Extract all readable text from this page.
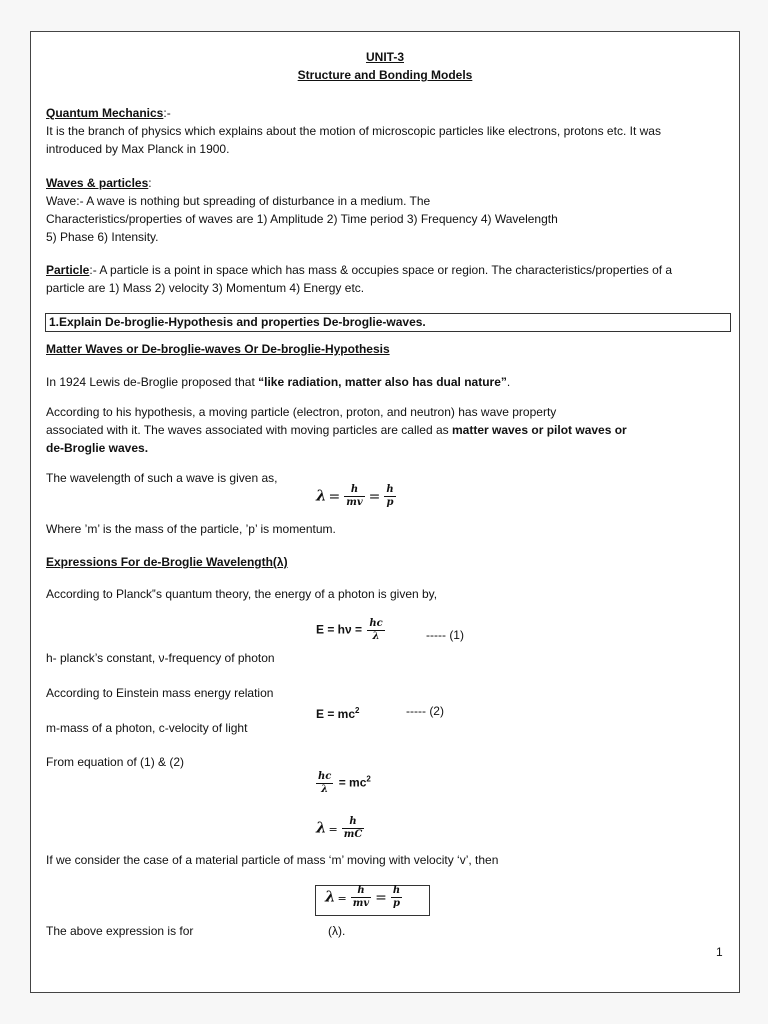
UNIT-3
Structure and Bonding Models
Quantum Mechanics:-
It is the branch of physics which explains about the motion of microscopic particles like electrons, protons etc. It was
introduced by Max Planck in 1900.
Waves & particles:
Wave:- A wave is nothing but spreading of disturbance in a medium. The
Characteristics/properties of waves are 1) Amplitude 2) Time period 3) Frequency 4) Wavelength
5) Phase 6) Intensity.
Particle:- A particle is a point in space which has mass & occupies space or region. The characteristics/properties of a
particle are 1) Mass 2) velocity 3) Momentum 4) Energy etc.
1.Explain De-broglie-Hypothesis and properties De-broglie-waves.
Matter Waves or De-broglie-waves Or De-broglie-Hypothesis
In 1924 Lewis de-Broglie proposed that “like radiation, matter also has dual nature”.
According to his hypothesis, a moving particle (electron, proton, and neutron) has wave property
associated with it. The waves associated with moving particles are called as matter waves or pilot waves or
de-Broglie waves.
The wavelength of such a wave is given as,
$\lambda = \frac{h}{mv} = \frac{h}{p}$
Where ’m’ is the mass of the particle, ’p’ is momentum.
Expressions For de-Broglie Wavelength(λ)
According to Planck‟s quantum theory, the energy of a photon is given by,
$E = h\nu = \frac{hc}{\lambda}$	----- (1)
h- planck’s constant, ν-frequency of photon
According to Einstein mass energy relation
$E = mc^2$	----- (2)
m-mass of a photon, c-velocity of light
From equation of (1) & (2)
$\frac{hc}{\lambda} = mc^2$
$\lambda = \frac{h}{mC}$
If we consider the case of a material particle of mass ‘m’ moving with velocity ‘v’, then
$\lambda = \frac{h}{mv} = \frac{h}{p}$
The above expression is for	(λ).
1
